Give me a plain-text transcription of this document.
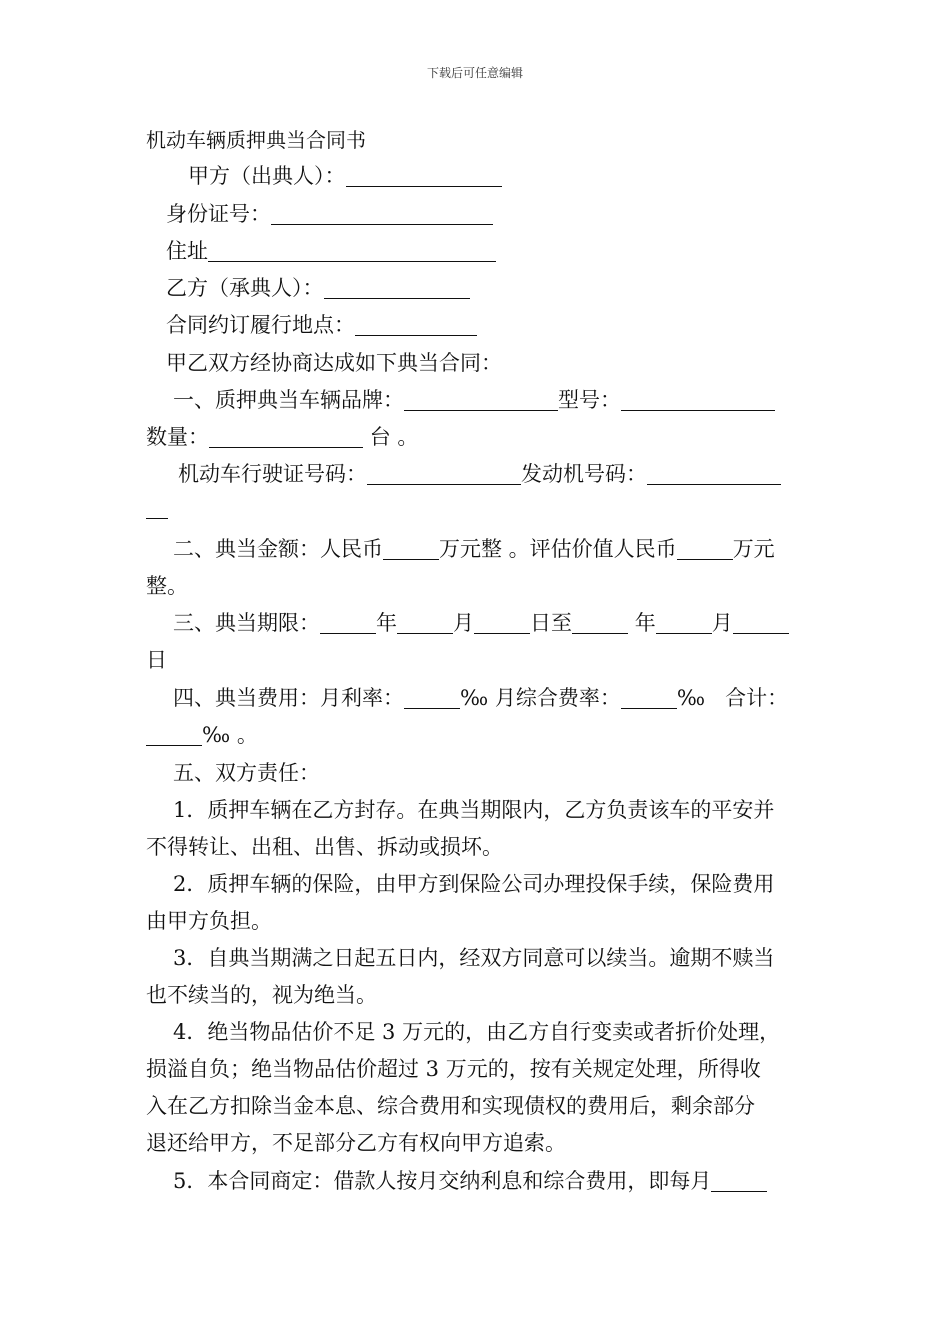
下载后可任意编辑
机动车辆质押典当合同书
甲方（出典人）：
身份证号：
住址
乙方（承典人）：
合同约订履行地点：
甲乙双方经协商达成如下典当合同：
一、质押典当车辆品牌：	型号：
数量：	台 。
机动车行驶证号码：	发动机号码：
二、典当金额：人民币	万元整 。评估价值人民币	万元
整。
三、典当期限：	年	月	日至	年	月
日
四、典当费用：月利率：	‰ 月综合费率：	‰ 合计：
‰ 。
五、双方责任：
1．质押车辆在乙方封存。在典当期限内，乙方负责该车的平安并
不得转让、出租、出售、拆动或损坏。
2．质押车辆的保险，由甲方到保险公司办理投保手续，保险费用
由甲方负担。
3．自典当期满之日起五日内，经双方同意可以续当。逾期不赎当
也不续当的，视为绝当。
4．绝当物品估价不足 3 万元的，由乙方自行变卖或者折价处理，
损溢自负；绝当物品估价超过 3 万元的，按有关规定处理，所得收
入在乙方扣除当金本息、综合费用和实现债权的费用后，剩余部分
退还给甲方，不足部分乙方有权向甲方追索。
5．本合同商定：借款人按月交纳利息和综合费用，即每月
